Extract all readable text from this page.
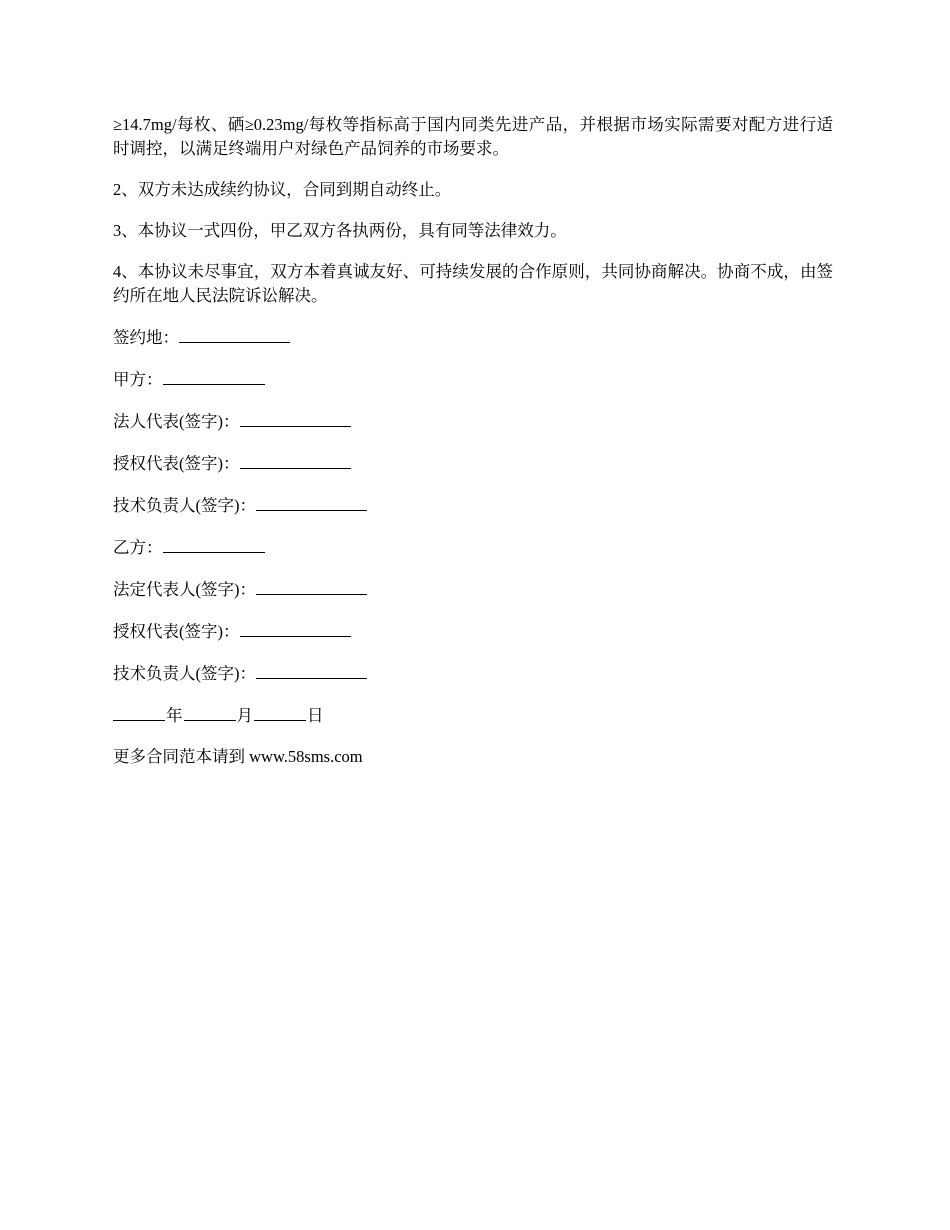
≥14.7mg/每枚、硒≥0.23mg/每枚等指标高于国内同类先进产品，并根据市场实际需要对配方进行适时调控，以满足终端用户对绿色产品饲养的市场要求。

2、双方未达成续约协议，合同到期自动终止。

3、本协议一式四份，甲乙双方各执两份，具有同等法律效力。

4、本协议未尽事宜，双方本着真诚友好、可持续发展的合作原则，共同协商解决。协商不成，由签约所在地人民法院诉讼解决。

签约地：
甲方：
法人代表(签字)：
授权代表(签字)：
技术负责人(签字)：
乙方：
法定代表人(签字)：
授权代表(签字)：
技术负责人(签字)：
年	月	日
更多合同范本请到 www.58sms.com
